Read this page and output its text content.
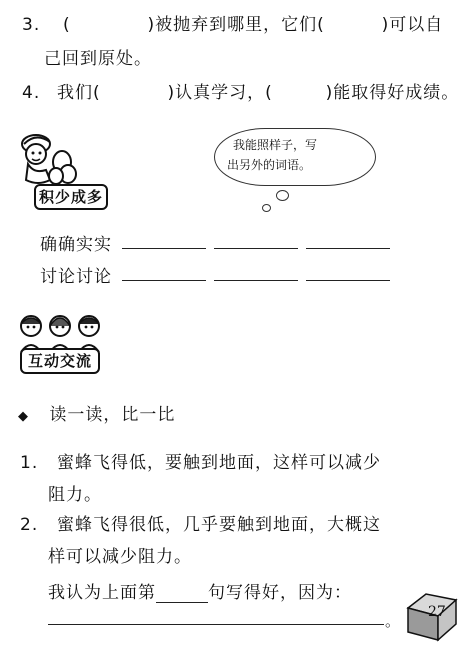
3. (	)被抛弃到哪里，它们(	)可以自
己回到原处。
4. 我们(	)认真学习，(	)能取得好成绩。
积少成多
我能照样子，写
出另外的词语。
确确实实
讨论讨论
互动交流
◆ 读一读，比一比
1. 蜜蜂飞得低，要触到地面，这样可以减少
阻力。
2. 蜜蜂飞得很低，几乎要触到地面，大概这
样可以减少阻力。
我认为上面第	句写得好，因为：
。 27
